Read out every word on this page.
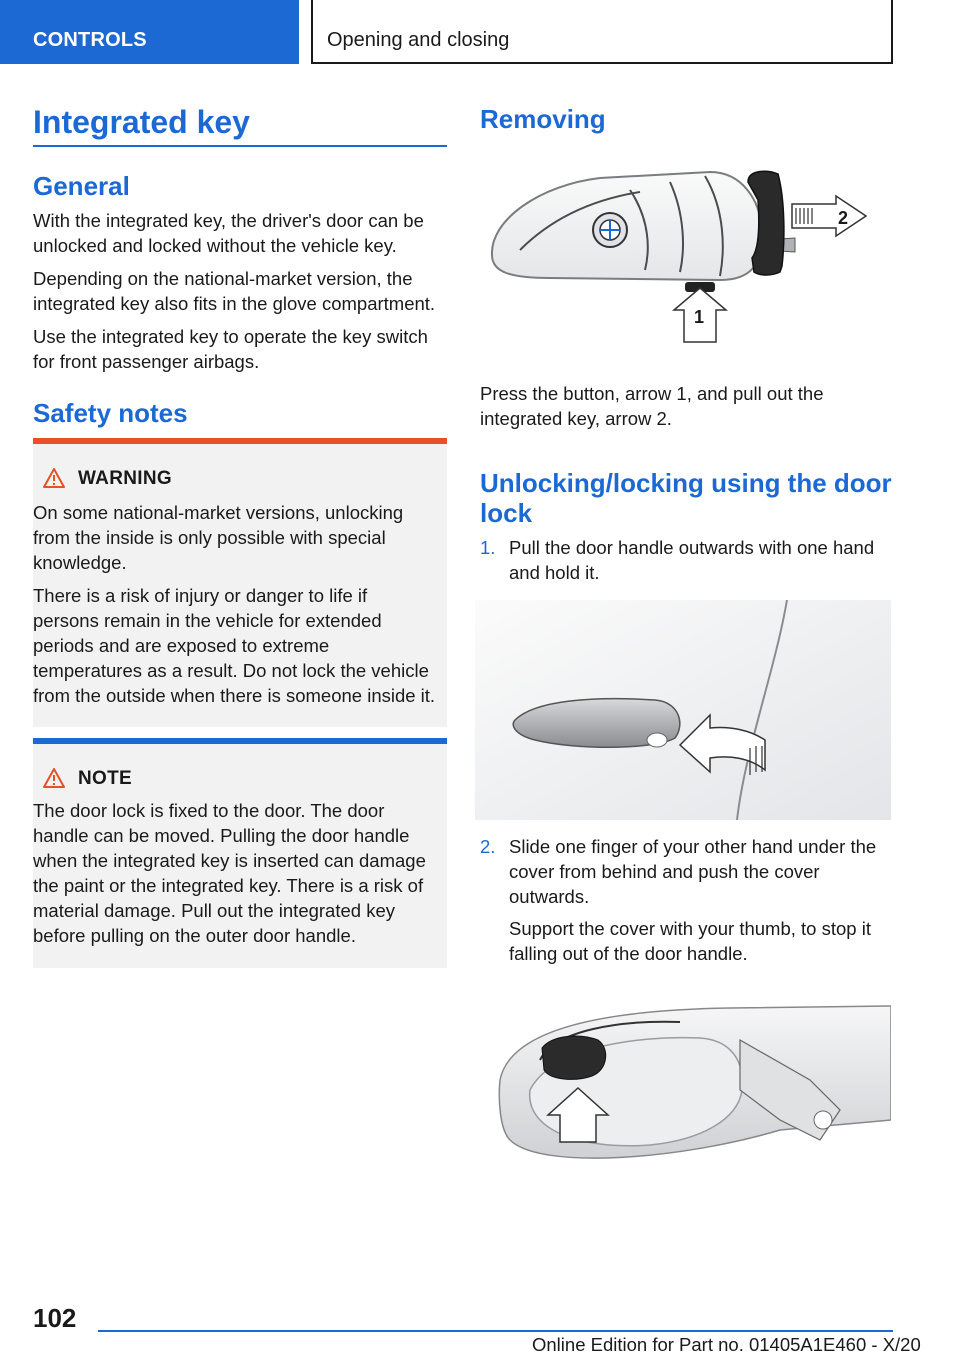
CONTROLS	Opening and closing
Integrated key
General

With the integrated key, the driver's door can be unlocked and locked without the vehicle key.

Depending on the national-market version, the integrated key also fits in the glove compartment.

Use the integrated key to operate the key switch for front passenger airbags.

Safety notes
WARNING

On some national-market versions, unlocking from the inside is only possible with special knowledge.

There is a risk of injury or danger to life if persons remain in the vehicle for extended periods and are exposed to extreme temperatures as a result. Do not lock the vehicle from the outside when there is someone inside it.

NOTE

The door lock is fixed to the door. The door handle can be moved. Pulling the door handle when the integrated key is inserted can damage the paint or the integrated key. There is a risk of material damage. Pull out the integrated key before pulling on the outer door handle.

Removing
2
1

Press the button, arrow 1, and pull out the integrated key, arrow 2.

Unlocking/locking using the door lock
1. Pull the door handle outwards with one hand and hold it.

2. Slide one finger of your other hand under the cover from behind and push the cover outwards.

Support the cover with your thumb, to stop it falling out of the door handle.

102
Online Edition for Part no. 01405A1E460 - X/20
